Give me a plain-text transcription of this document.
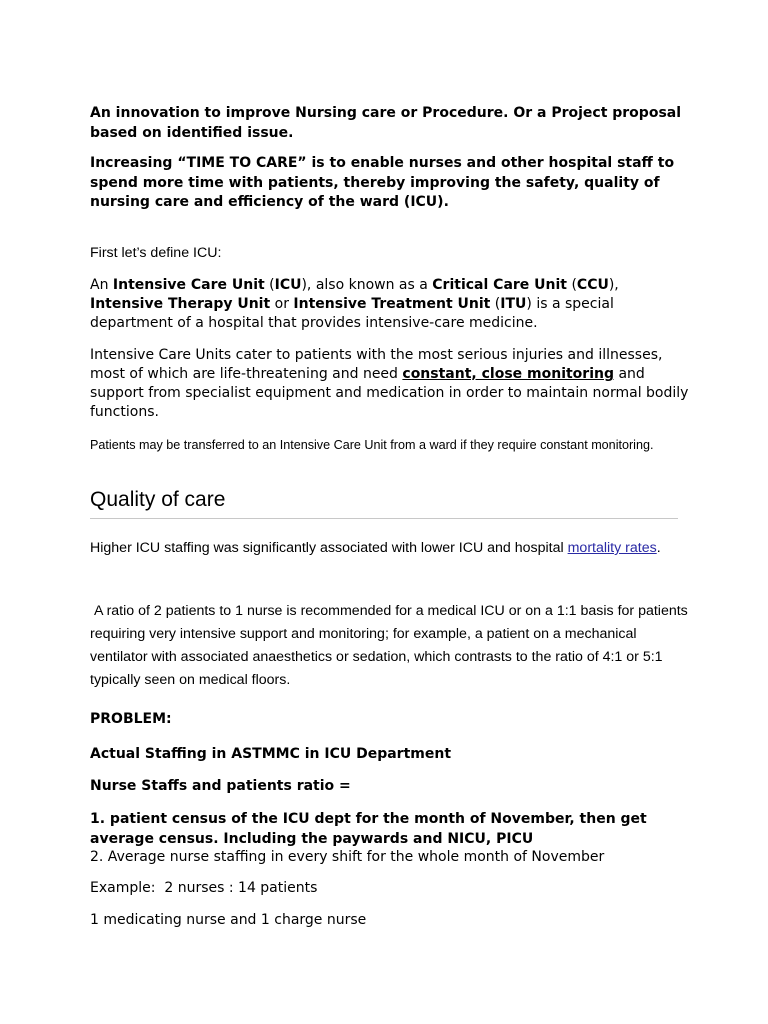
An innovation to improve Nursing care or Procedure. Or a Project proposal based on identified issue.

Increasing “TIME TO CARE” is to enable nurses and other hospital staff to spend more time with patients, thereby improving the safety, quality of nursing care and efficiency of the ward (ICU).

First let’s define ICU:

An Intensive Care Unit (ICU), also known as a Critical Care Unit (CCU), Intensive Therapy Unit or Intensive Treatment Unit (ITU) is a special department of a hospital that provides intensive-care medicine.

Intensive Care Units cater to patients with the most serious injuries and illnesses, most of which are life-threatening and need constant, close monitoring and support from specialist equipment and medication in order to maintain normal bodily functions.

Patients may be transferred to an Intensive Care Unit from a ward if they require constant monitoring.

Quality of care

Higher ICU staffing was significantly associated with lower ICU and hospital mortality rates.

A ratio of 2 patients to 1 nurse is recommended for a medical ICU or on a 1:1 basis for patients requiring very intensive support and monitoring; for example, a patient on a mechanical ventilator with associated anaesthetics or sedation, which contrasts to the ratio of 4:1 or 5:1 typically seen on medical floors.

PROBLEM:

Actual Staffing in ASTMMC in ICU Department

Nurse Staffs and patients ratio =

1. patient census of the ICU dept for the month of November, then get average census. Including the paywards and NICU, PICU

2. Average nurse staffing in every shift for the whole month of November

Example:  2 nurses : 14 patients

1 medicating nurse and 1 charge nurse
